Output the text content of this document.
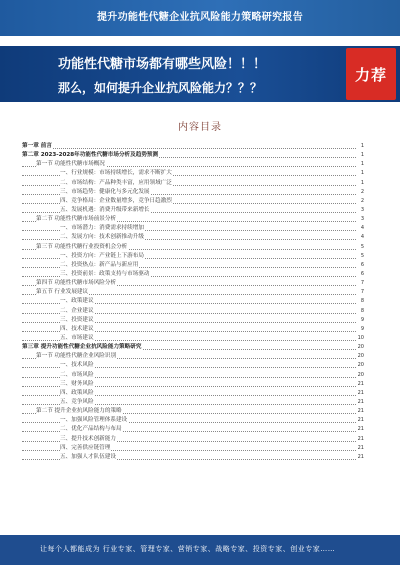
提升功能性代糖企业抗风险能力策略研究报告
功能性代糖市场都有哪些风险！！！
那么，如何提升企业抗风险能力？？？
力荐
内容目录
第一章 前言	1
第二章 2023-2028年功能性代糖市场分析及趋势预测	1
第一节 功能性代糖市场概况	1
一、行业规模：市场持续增长，需求不断扩大	1
二、市场结构：产品种类丰富，应用领域广泛	1
三、市场趋势：健康化与多元化发展	2
四、竞争格局：企业数量增多，竞争日趋激烈	2
五、发展机遇：消费升级带来新增长	3
第二节 功能性代糖市场前景分析	3
一、市场潜力：消费需求持续增加	4
二、发展方向：技术创新推动升级	4
第三节 功能性代糖行业投资机会分析	5
一、投资方向：产业链上下游布局	5
二、投资热点：新产品与新应用	6
三、投资前景：政策支持与市场驱动	6
第四节 功能性代糖市场风险分析	7
第五节 行业发展建议	7
一、政策建议	8
二、企业建议	8
三、投资建议	9
四、技术建议	9
五、市场建议	10
第三章 提升功能性代糖企业抗风险能力策略研究	20
第一节 功能性代糖企业风险识别	20
一、技术风险	20
二、市场风险	20
三、财务风险	21
四、政策风险	21
五、竞争风险	21
第二节 提升企业抗风险能力的策略	21
一、加强风险管理体系建设	21
二、优化产品结构与布局	21
三、提升技术创新能力	21
四、完善供应链管理	21
五、加强人才队伍建设	21
让每个人都能成为 行业专家、管理专家、营销专家、战略专家、投资专家、创业专家……
